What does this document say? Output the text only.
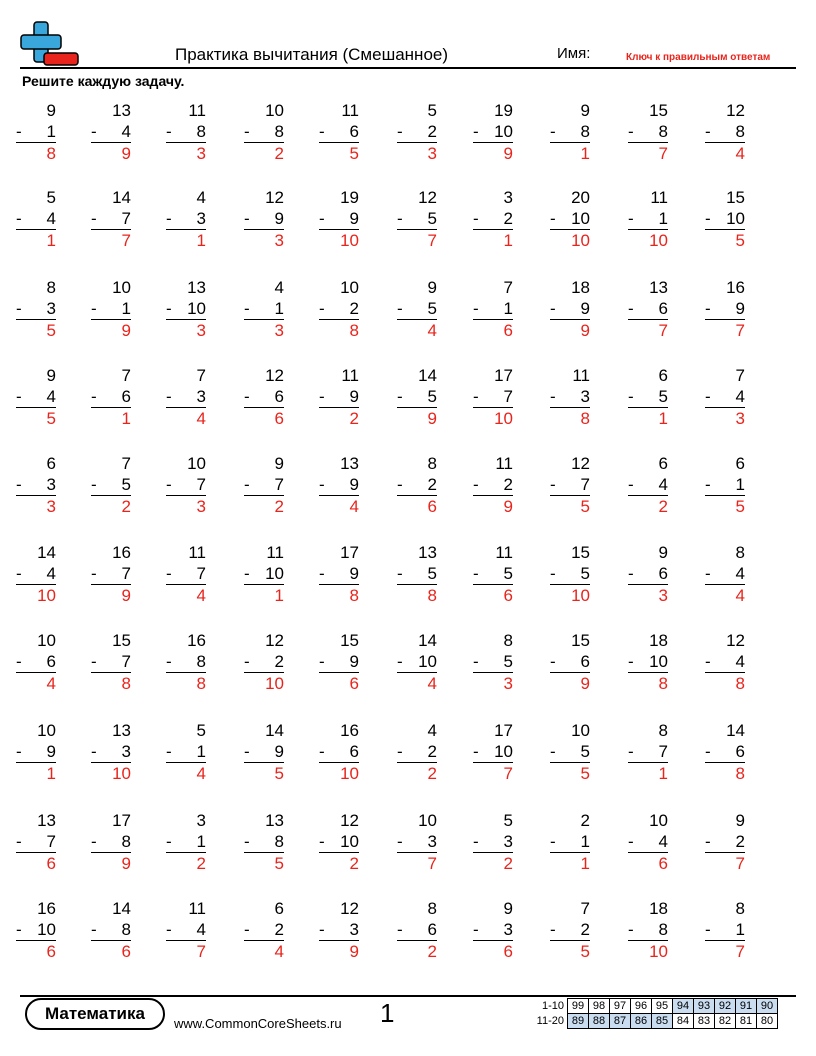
Практика вычитания (Смешанное)	Имя:	Ключ к правильным ответам
Решите каждую задачу.
9
- 1
8
13
- 4
9
11
- 8
3
10
- 8
2
11
- 6
5
5
- 2
3
19
- 10
9
9
- 8
1
15
- 8
7
12
- 8
4
5
- 4
1
14
- 7
7
4
- 3
1
12
- 9
3
19
- 9
10
12
- 5
7
3
- 2
1
20
- 10
10
11
- 1
10
15
- 10
5
8
- 3
5
10
- 1
9
13
- 10
3
4
- 1
3
10
- 2
8
9
- 5
4
7
- 1
6
18
- 9
9
13
- 6
7
16
- 9
7
9
- 4
5
7
- 6
1
7
- 3
4
12
- 6
6
11
- 9
2
14
- 5
9
17
- 7
10
11
- 3
8
6
- 5
1
7
- 4
3
6
- 3
3
7
- 5
2
10
- 7
3
9
- 7
2
13
- 9
4
8
- 2
6
11
- 2
9
12
- 7
5
6
- 4
2
6
- 1
5
14
- 4
10
16
- 7
9
11
- 7
4
11
- 10
1
17
- 9
8
13
- 5
8
11
- 5
6
15
- 5
10
9
- 6
3
8
- 4
4
10
- 6
4
15
- 7
8
16
- 8
8
12
- 2
10
15
- 9
6
14
- 10
4
8
- 5
3
15
- 6
9
18
- 10
8
12
- 4
8
10
- 9
1
13
- 3
10
5
- 1
4
14
- 9
5
16
- 6
10
4
- 2
2
17
- 10
7
10
- 5
5
8
- 7
1
14
- 6
8
13
- 7
6
17
- 8
9
3
- 1
2
13
- 8
5
12
- 10
2
10
- 3
7
5
- 3
2
2
- 1
1
10
- 4
6
9
- 2
7
16
- 10
6
14
- 8
6
11
- 4
7
6
- 2
4
12
- 3
9
8
- 6
2
9
- 3
6
7
- 2
5
18
- 8
10
8
- 1
7
Математика
www.CommonCoreSheets.ru 1	1-10	99	98	97	96	95	94	93	92	91	90
11-20	89	88	87	86	85	84	83	82	81	80
